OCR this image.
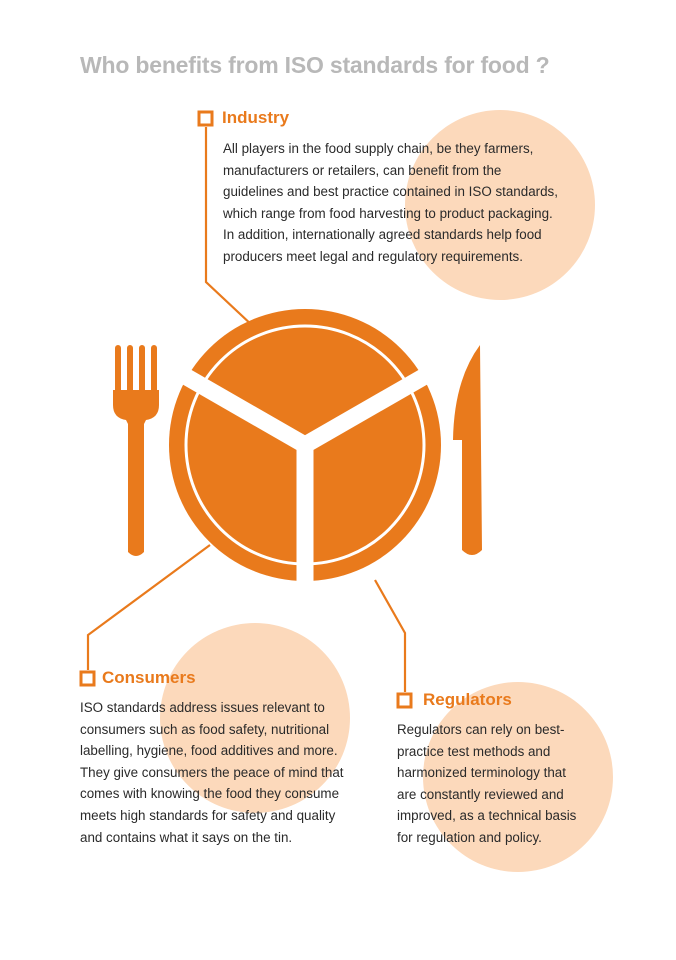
Who benefits from ISO standards for food ?
Industry
All players in the food supply chain, be they farmers,
manufacturers or retailers, can benefit from the
guidelines and best practice contained in ISO standards,
which range from food harvesting to product packaging.
In addition, internationally agreed standards help food
producers meet legal and regulatory requirements.
Consumers
ISO standards address issues relevant to
consumers such as food safety, nutritional
labelling, hygiene, food additives and more.
They give consumers the peace of mind that
comes with knowing the food they consume
meets high standards for safety and quality
and contains what it says on the tin.
Regulators
Regulators can rely on best-
practice test methods and
harmonized terminology that
are constantly reviewed and
improved, as a technical basis
for regulation and policy.
